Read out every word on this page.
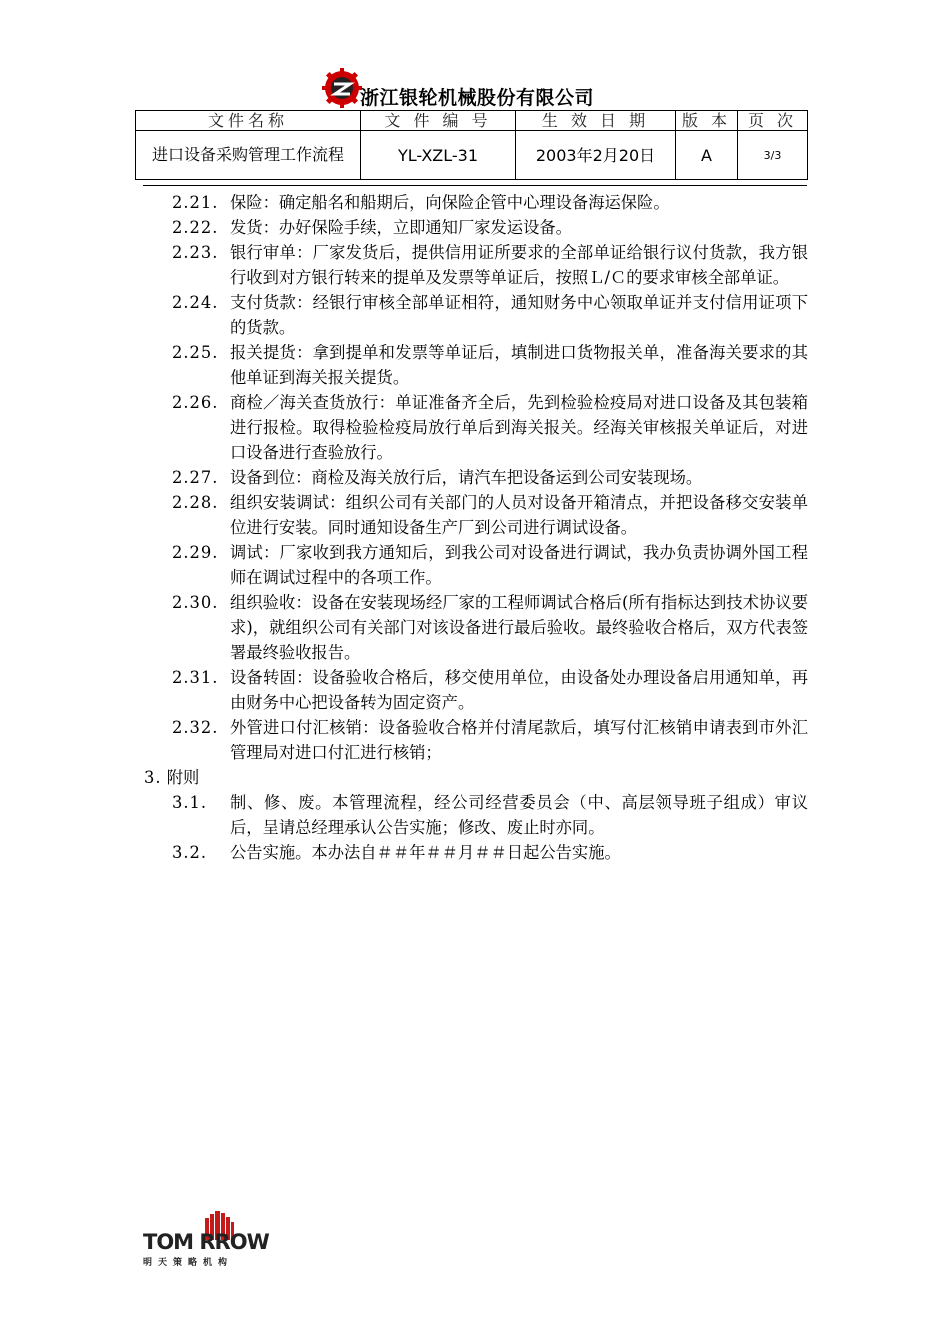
浙江银轮机械股份有限公司
文件名称	文 件 编 号	生 效 日 期	版 本	页 次
进口设备采购管理工作流程	YL-XZL-31	2003年2月20日	A	3/3
2.21. 保险：确定船名和船期后，向保险企管中心理设备海运保险。
2.22. 发货：办好保险手续，立即通知厂家发运设备。
2.23. 银行审单：厂家发货后，提供信用证所要求的全部单证给银行议付货款，我方银行收到对方银行转来的提单及发票等单证后，按照Ｌ/Ｃ的要求审核全部单证。
2.24. 支付货款：经银行审核全部单证相符，通知财务中心领取单证并支付信用证项下的货款。
2.25. 报关提货：拿到提单和发票等单证后，填制进口货物报关单，准备海关要求的其他单证到海关报关提货。
2.26. 商检／海关查货放行：单证准备齐全后，先到检验检疫局对进口设备及其包装箱进行报检。取得检验检疫局放行单后到海关报关。经海关审核报关单证后，对进口设备进行查验放行。
2.27. 设备到位：商检及海关放行后，请汽车把设备运到公司安装现场。
2.28. 组织安装调试：组织公司有关部门的人员对设备开箱清点，并把设备移交安装单位进行安装。同时通知设备生产厂到公司进行调试设备。
2.29. 调试：厂家收到我方通知后，到我公司对设备进行调试，我办负责协调外国工程师在调试过程中的各项工作。
2.30. 组织验收：设备在安装现场经厂家的工程师调试合格后(所有指标达到技术协议要求)，就组织公司有关部门对该设备进行最后验收。最终验收合格后，双方代表签署最终验收报告。
2.31. 设备转固：设备验收合格后，移交使用单位，由设备处办理设备启用通知单，再由财务中心把设备转为固定资产。
2.32. 外管进口付汇核销：设备验收合格并付清尾款后，填写付汇核销申请表到市外汇管理局对进口付汇进行核销；
3. 附则
3.1. 制、修、废。本管理流程，经公司经营委员会（中、高层领导班子组成）审议后，呈请总经理承认公告实施；修改、废止时亦同。
3.2. 公告实施。本办法自＃＃年＃＃月＃＃日起公告实施。
TOM RROW
明天策略机构
